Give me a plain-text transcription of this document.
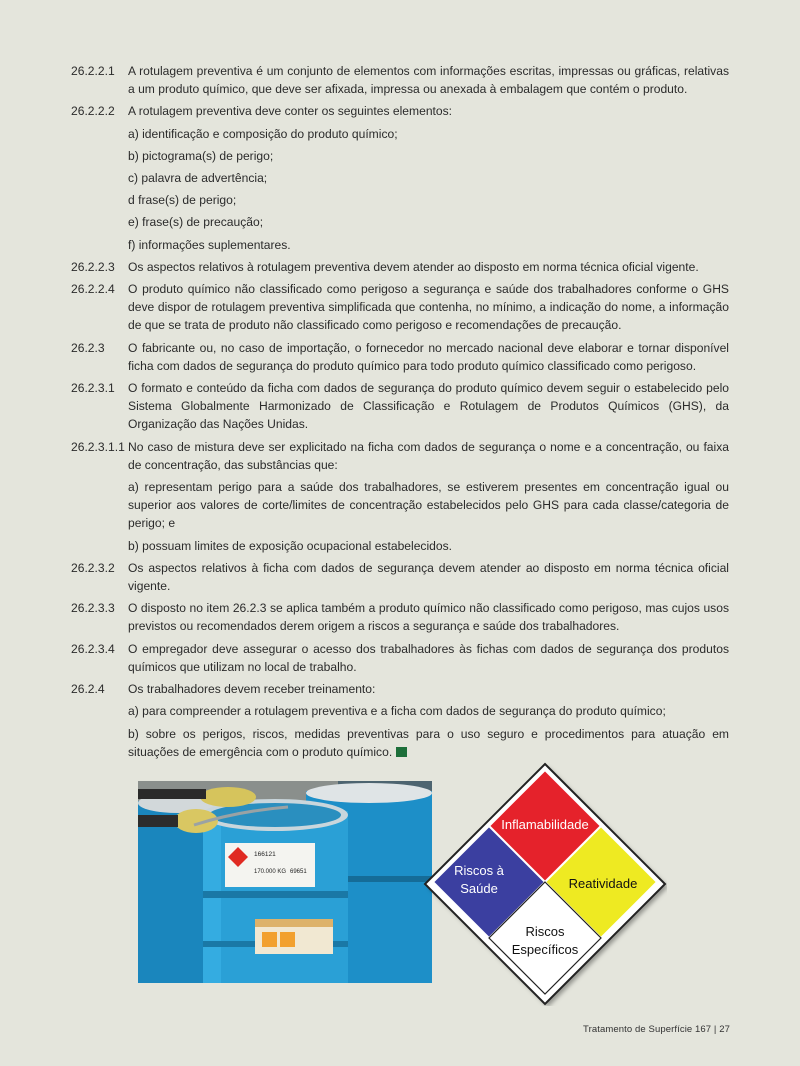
26.2.2.1	A rotulagem preventiva é um conjunto de elementos com informações escritas, impressas ou gráficas, relativas a um produto químico, que deve ser afixada, impressa ou anexada à embalagem que contém o produto.
26.2.2.2	A rotulagem preventiva deve conter os seguintes elementos:
a) identificação e composição do produto químico;
b) pictograma(s) de perigo;
c) palavra de advertência;
d frase(s) de perigo;
e) frase(s) de precaução;
f) informações suplementares.
26.2.2.3	Os aspectos relativos à rotulagem preventiva devem atender ao disposto em norma técnica oficial vigente.
26.2.2.4	O produto químico não classificado como perigoso a segurança e saúde dos trabalhadores conforme o GHS deve dispor de rotulagem preventiva simplificada que contenha, no mínimo, a indicação do nome, a informação de que se trata de produto não classificado como perigoso e recomendações de precaução.
26.2.3	O fabricante ou, no caso de importação, o fornecedor no mercado nacional deve elaborar e tornar disponível ficha com dados de segurança do produto químico para todo produto químico classificado como perigoso.
26.2.3.1	O formato e conteúdo da ficha com dados de segurança do produto químico devem seguir o estabelecido pelo Sistema Globalmente Harmonizado de Classificação e Rotulagem de Produtos Químicos (GHS), da Organização das Nações Unidas.
26.2.3.1.1 No caso de mistura deve ser explicitado na ficha com dados de segurança o nome e a concentração, ou faixa de concentração, das substâncias que:
a) representam perigo para a saúde dos trabalhadores, se estiverem presentes em concentração igual ou superior aos valores de corte/limites de concentração estabelecidos pelo GHS para cada classe/categoria de perigo; e
b) possuam limites de exposição ocupacional estabelecidos.
26.2.3.2	Os aspectos relativos à ficha com dados de segurança devem atender ao disposto em norma técnica oficial vigente.
26.2.3.3	O disposto no item 26.2.3 se aplica também a produto químico não classificado como perigoso, mas cujos usos previstos ou recomendados derem origem a riscos a segurança e saúde dos trabalhadores.
26.2.3.4	O empregador deve assegurar o acesso dos trabalhadores às fichas com dados de segurança dos produtos químicos que utilizam no local de trabalho.
26.2.4	Os trabalhadores devem receber treinamento:
a) para compreender a rotulagem preventiva e a ficha com dados de segurança do produto químico;
b) sobre os perigos, riscos, medidas preventivas para o uso seguro e procedimentos para atuação em situações de emergência com o produto químico.
166121
170.000 KG 69651
Inflamabilidade
Riscos à
Saúde	Reatividade
Riscos
Específicos
Tratamento de Superfície 167 | 27
